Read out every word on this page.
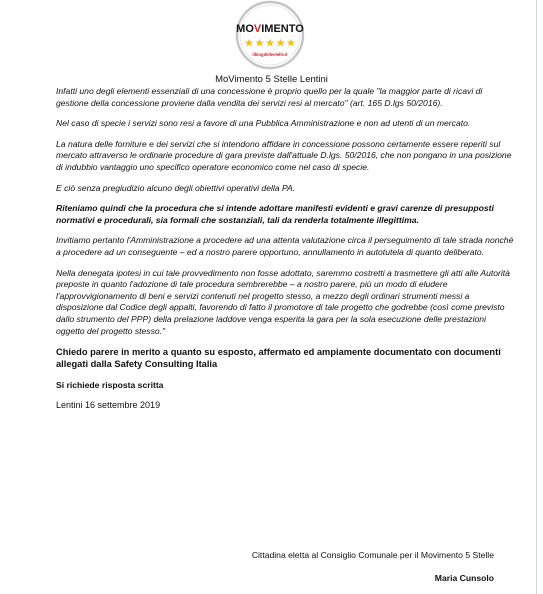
MOVIMENTO
ilblogdellestelle.it
MoVimento 5 Stelle Lentini

Infatti uno degli elementi essenziali di una concessione è proprio quello per la quale "la maggior parte di ricavi di gestione della concessione proviene dalla vendita dei servizi resi al mercato" (art. 165 D.lgs 50/2016).

Nel caso di specie i servizi sono resi a favore di una Pubblica Amministrazione e non ad utenti di un mercato.

La natura delle forniture e dei servizi che si intendono affidare in concessione possono certamente essere reperiti sul mercato attraverso le ordinarie procedure di gara previste dall'attuale D.lgs. 50/2016, che non pongano in una posizione di indubbio vantaggio uno specifico operatore economico come nel caso di specie.

E ciò senza pregiudizio alcuno degli obiettivi operativi della PA.

Riteniamo quindi che la procedura che si intende adottare manifesti evidenti e gravi carenze di presupposti normativi e procedurali, sia formali che sostanziali, tali da renderla totalmente illegittima.

Invitiamo pertanto l'Amministrazione a procedere ad una attenta valutazione circa il perseguimento di tale strada nonché a procedere ad un conseguente – ed a nostro parere opportuno, annullamento in autotutela di quanto deliberato.

Nella denegata ipotesi in cui tale provvedimento non fosse adottato, saremmo costretti a trasmettere gli atti alle Autorità preposte in quanto l'adozione di tale procedura sembrerebbe – a nostro parere, più un modo di eludere l'approvvigionamento di beni e servizi contenuti nel progetto stesso, a mezzo degli ordinari strumenti messi a disposizione dal Codice degli appalti, favorendo di fatto il promotore di tale progetto che godrebbe (così come previsto dallo strumento del PPP) della prelazione laddove venga esperita la gara per la sola esecuzione delle prestazioni oggetto del progetto stesso."

Chiedo parere in merito a quanto su esposto, affermato ed ampiamente documentato con documenti allegati dalla Safety Consulting Italia

Si richiede risposta scritta

Lentini 16 settembre 2019

Cittadina eletta al Consiglio Comunale per il Movimento 5 Stelle
Maria Cunsolo
